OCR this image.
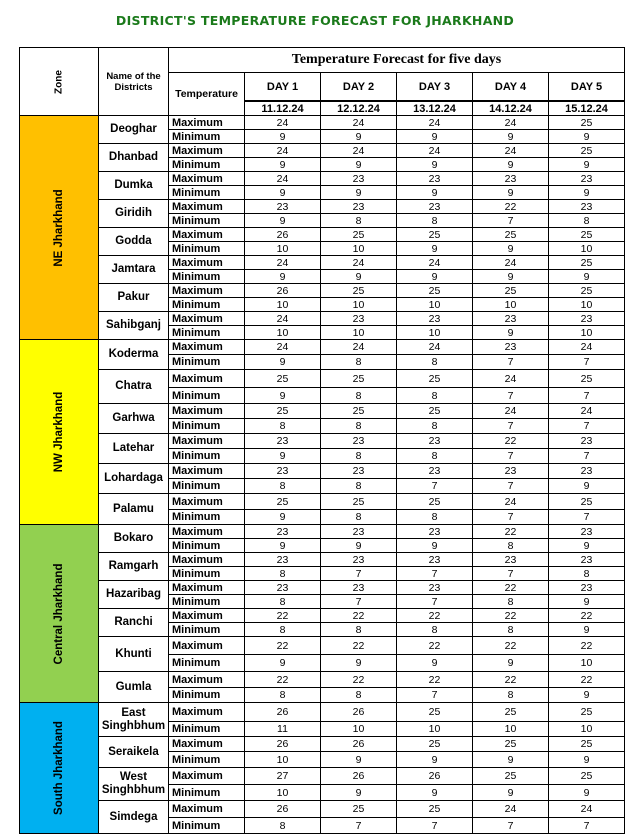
DISTRICT'S TEMPERATURE FORECAST FOR JHARKHAND
Zone	Name of the Districts	Temperature Forecast for five days					
		Temperature	DAY 1	DAY 2	DAY 3	DAY 4	DAY 5
			11.12.24	12.12.24	13.12.24	14.12.24	15.12.24

NE Jharkhand	Deoghar	Maximum	24	24	24	24	25
		Minimum	9	9	9	9	9
	Dhanbad	Maximum	24	24	24	24	25
		Minimum	9	9	9	9	9
	Dumka	Maximum	24	23	23	23	23
		Minimum	9	9	9	9	9
	Giridih	Maximum	23	23	23	22	23
		Minimum	9	8	8	7	8
	Godda	Maximum	26	25	25	25	25
		Minimum	10	10	9	9	10
	Jamtara	Maximum	24	24	24	24	25
		Minimum	9	9	9	9	9
	Pakur	Maximum	26	25	25	25	25
		Minimum	10	10	10	10	10
	Sahibganj	Maximum	24	23	23	23	23
		Minimum	10	10	10	9	10

NW Jharkhand	Koderma	Maximum	24	24	24	23	24
		Minimum	9	8	8	7	7
	Chatra	Maximum	25	25	25	24	25
		Minimum	9	8	8	7	7
	Garhwa	Maximum	25	25	25	24	24
		Minimum	8	8	8	7	7
	Latehar	Maximum	23	23	23	22	23
		Minimum	9	8	8	7	7
	Lohardaga	Maximum	23	23	23	23	23
		Minimum	8	8	7	7	9
	Palamu	Maximum	25	25	25	24	25
		Minimum	9	8	8	7	7

Central Jharkhand	Bokaro	Maximum	23	23	23	22	23
		Minimum	9	9	9	8	9
	Ramgarh	Maximum	23	23	23	23	23
		Minimum	8	7	7	7	8
	Hazaribag	Maximum	23	23	23	22	23
		Minimum	8	7	7	8	9
	Ranchi	Maximum	22	22	22	22	22
		Minimum	8	8	8	8	9
	Khunti	Maximum	22	22	22	22	22
		Minimum	9	9	9	9	10
	Gumla	Maximum	22	22	22	22	22
		Minimum	8	8	7	8	9

South Jharkhand	East Singhbhum	Maximum	26	26	25	25	25
		Minimum	11	10	10	10	10
	Seraikela	Maximum	26	26	25	25	25
		Minimum	10	9	9	9	9
	West Singhbhum	Maximum	27	26	26	25	25
		Minimum	10	9	9	9	9
	Simdega	Maximum	26	25	25	24	24
		Minimum	8	7	7	7	7
